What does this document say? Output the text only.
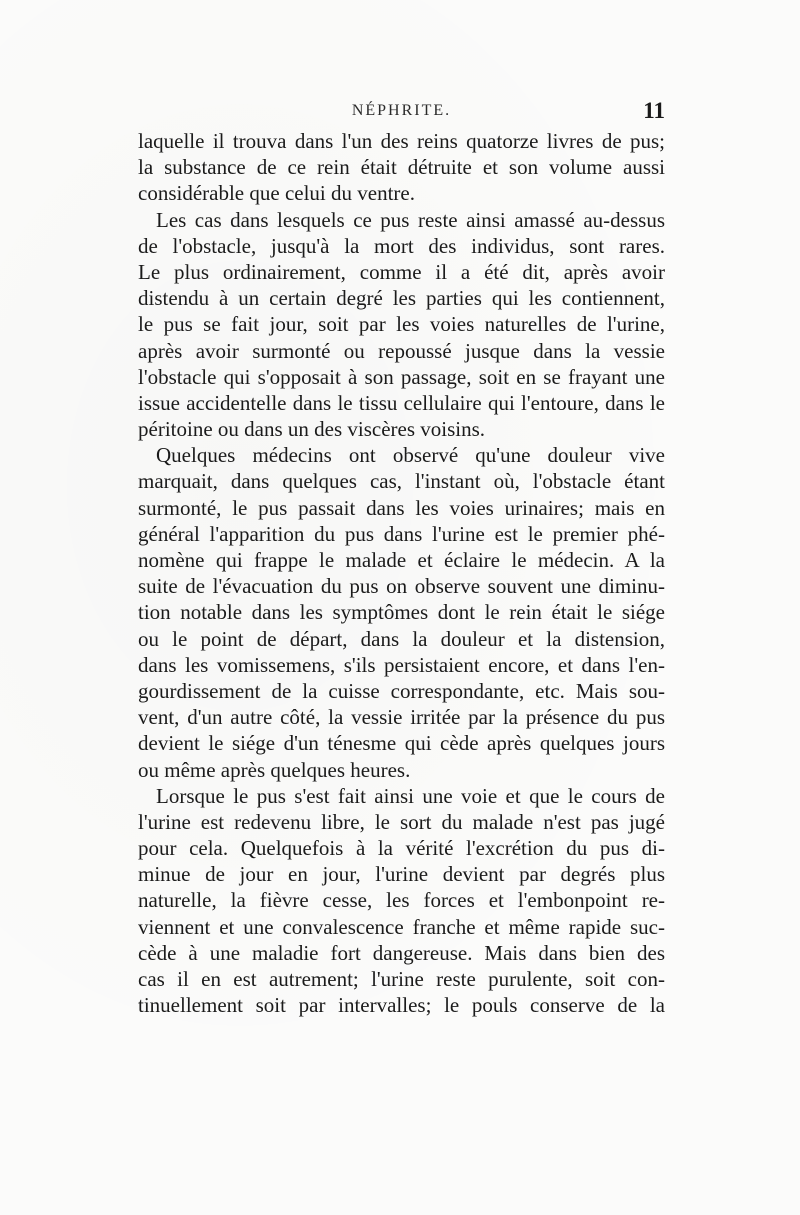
NÉPHRITE.	11
laquelle il trouva dans l'un des reins quatorze livres de pus;
la substance de ce rein était détruite et son volume aussi
considérable que celui du ventre.
Les cas dans lesquels ce pus reste ainsi amassé au-dessus
de l'obstacle, jusqu'à la mort des individus, sont rares.
Le plus ordinairement, comme il a été dit, après avoir
distendu à un certain degré les parties qui les contiennent,
le pus se fait jour, soit par les voies naturelles de l'urine,
après avoir surmonté ou repoussé jusque dans la vessie
l'obstacle qui s'opposait à son passage, soit en se frayant une
issue accidentelle dans le tissu cellulaire qui l'entoure, dans le
péritoine ou dans un des viscères voisins.
Quelques médecins ont observé qu'une douleur vive
marquait, dans quelques cas, l'instant où, l'obstacle étant
surmonté, le pus passait dans les voies urinaires; mais en
général l'apparition du pus dans l'urine est le premier phé-
nomène qui frappe le malade et éclaire le médecin. A la
suite de l'évacuation du pus on observe souvent une diminu-
tion notable dans les symptômes dont le rein était le siége
ou le point de départ, dans la douleur et la distension,
dans les vomissemens, s'ils persistaient encore, et dans l'en-
gourdissement de la cuisse correspondante, etc. Mais sou-
vent, d'un autre côté, la vessie irritée par la présence du pus
devient le siége d'un ténesme qui cède après quelques jours
ou même après quelques heures.
Lorsque le pus s'est fait ainsi une voie et que le cours de
l'urine est redevenu libre, le sort du malade n'est pas jugé
pour cela. Quelquefois à la vérité l'excrétion du pus di-
minue de jour en jour, l'urine devient par degrés plus
naturelle, la fièvre cesse, les forces et l'embonpoint re-
viennent et une convalescence franche et même rapide suc-
cède à une maladie fort dangereuse. Mais dans bien des
cas il en est autrement; l'urine reste purulente, soit con-
tinuellement soit par intervalles; le pouls conserve de la
